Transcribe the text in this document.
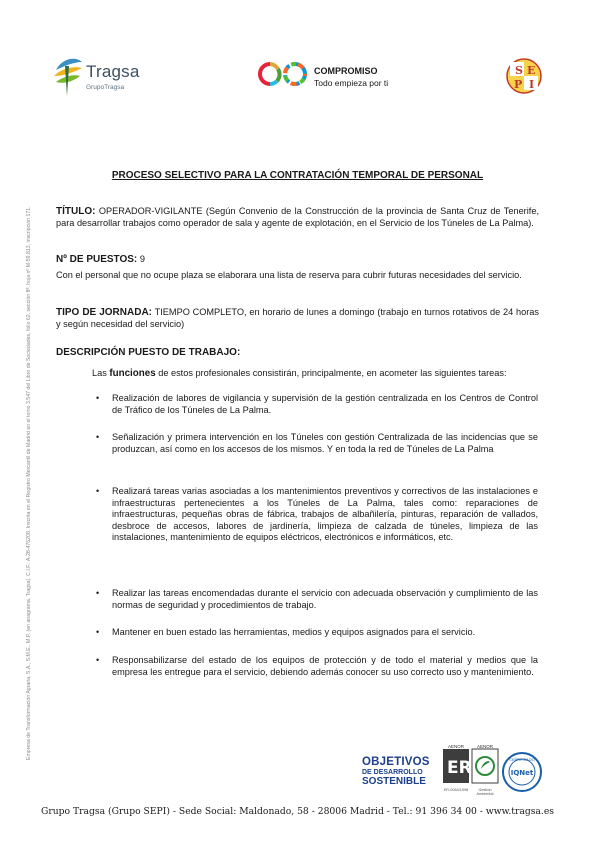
Tragsa
GrupoTragsa
COMPROMISO
Todo empieza por ti
S E
P I
Empresa de Transformación Agraria, S.A., S.M.E., M.P. (en anagrama, Tragsa). C.I.F.: A-28-476208. Inscrita en el Registro Mercantil de Madrid en el tomo 3.547 del Libro de Sociedades, folio 62, sección 8ª, hoja nº M-59.813, inscripción 171.
PROCESO SELECTIVO PARA LA CONTRATACIÓN TEMPORAL DE PERSONAL
TÍTULO: OPERADOR-VIGILANTE (Según Convenio de la Construcción de la provincia de Santa Cruz de Tenerife, para desarrollar trabajos como operador de sala y agente de explotación, en el Servicio de los Túneles de La Palma).
Nº DE PUESTOS: 9
Con el personal que no ocupe plaza se elaborara una lista de reserva para cubrir futuras necesidades del servicio.
TIPO DE JORNADA: TIEMPO COMPLETO, en horario de lunes a domingo (trabajo en turnos rotativos de 24 horas y según necesidad del servicio)
DESCRIPCIÓN PUESTO DE TRABAJO:
Las funciones de estos profesionales consistirán, principalmente, en acometer las siguientes tareas:
• Realización de labores de vigilancia y supervisión de la gestión centralizada en los Centros de Control de Tráfico de los Túneles de La Palma.
• Señalización y primera intervención en los Túneles con gestión Centralizada de las incidencias que se produzcan, así como en los accesos de los mismos. Y en toda la red de Túneles de La Palma
• Realizará tareas varias asociadas a los mantenimientos preventivos y correctivos de las instalaciones e infraestructuras pertenecientes a los Túneles de La Palma, tales como: reparaciones de infraestructuras, pequeñas obras de fábrica, trabajos de albañilería, pinturas, reparación de vallados, desbroce de accesos, labores de jardinería, limpieza de calzada de túneles, limpieza de las instalaciones, mantenimiento de equipos eléctricos, electrónicos e informáticos, etc.
• Realizar las tareas encomendadas durante el servicio con adecuada observación y cumplimiento de las normas de seguridad y procedimientos de trabajo.
• Mantener en buen estado las herramientas, medios y equipos asignados para el servicio.
• Responsabilizarse del estado de los equipos de protección y de todo el material y medios que la empresa les entregue para el servicio, debiendo además conocer su uso correcto uso y mantenimiento.
OBJETIVOS
DE DESARROLLO
SOSTENIBLE
AENOR
ER
ER-0064/1998
AENOR
Gestión Ambiental
CERTIFICADO
IQNet
Grupo Tragsa (Grupo SEPI) - Sede Social: Maldonado, 58 - 28006 Madrid - Tel.: 91 396 34 00 - www.tragsa.es
